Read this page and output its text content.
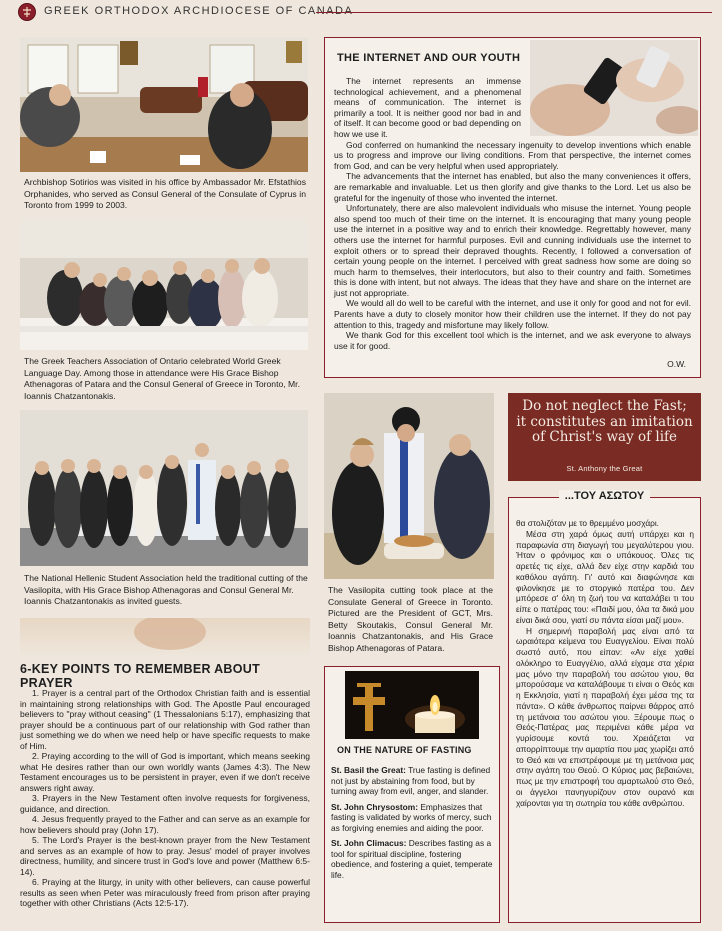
GREEK ORTHODOX ARCHDIOCESE OF CANADA
Archbishop Sotirios was visited in his office by Ambassador Mr. Efstathios Orphanides, who served as Consul General of the Consulate of Cyprus in Toronto from 1999 to 2003.
The Greek Teachers Association of Ontario celebrated World Greek Language Day. Among those in attendance were His Grace Bishop Athenagoras of Patara and the Consul General of Greece in Toronto, Mr. Ioannis Chatzantonakis.
The National Hellenic Student Association held the traditional cutting of the Vasilopita, with His Grace Bishop Athenagoras and Consul General Mr. Ioannis Chatzantonakis as invited guests.
6-KEY POINTS TO REMEMBER ABOUT PRAYER

1. Prayer is a central part of the Orthodox Christian faith and is essential in maintaining strong relationships with God. The Apostle Paul encouraged believers to "pray without ceasing" (1 Thessalonians 5:17), emphasizing that prayer should be a continuous part of our relationship with God rather than just something we do when we need help or have specific requests to make of Him.

2. Praying according to the will of God is important, which means seeking what He desires rather than our own worldly wants (James 4:3). The New Testament encourages us to be persistent in prayer, even if we don't receive answers right away.

3. Prayers in the New Testament often involve requests for forgiveness, guidance, and direction.

4. Jesus frequently prayed to the Father and can serve as an example for how believers should pray (John 17).

5. The Lord's Prayer is the best-known prayer from the New Testament and serves as an example of how to pray. Jesus' model of prayer involves directness, humility, and sincere trust in God's love and power (Matthew 6:5-14).

6. Praying at the liturgy, in unity with other believers, can cause powerful results as seen when Peter was miraculously freed from prison after praying together with other Christians (Acts 12:5-17).

THE INTERNET AND OUR YOUTH

The internet represents an immense technological achievement, and a phenomenal means of communication. The internet is primarily a tool. It is neither good nor bad in and of itself. It can become good or bad depending on how we use it.

God conferred on humankind the necessary ingenuity to develop inventions which enable us to progress and improve our living conditions. From that perspective, the internet comes from God, and can be very helpful when used appropriately.

The advancements that the internet has enabled, but also the many conveniences it offers, are remarkable and invaluable. Let us then glorify and give thanks to the Lord. Let us also be grateful for the ingenuity of those who invented the internet.

Unfortunately, there are also malevolent individuals who misuse the internet. Young people also spend too much of their time on the internet. It is encouraging that many young people use the internet in a positive way and to enrich their knowledge. Regrettably however, many others use the internet for harmful purposes. Evil and cunning individuals use the internet to exploit others or to spread their depraved thoughts. Recently, I followed a conversation of certain young people on the internet. I perceived with great sadness how some are doing so much harm to themselves, their interlocutors, but also to their country and faith. Sometimes this is done with intent, but not always. The ideas that they have and share on the internet are just not appropriate.

We would all do well to be careful with the internet, and use it only for good and not for evil. Parents have a duty to closely monitor how their children use the internet. If they do not pay attention to this, tragedy and misfortune may likely follow.

We thank God for this excellent tool which is the internet, and we ask everyone to always use it for good.

O.W.
The Vasilopita cutting took place at the Consulate General of Greece in Toronto. Pictured are the President of GCT, Mrs. Betty Skoutakis, Consul General Mr. Ioannis Chatzantonakis, and His Grace Bishop Athenagoras of Patara.
ON THE NATURE OF FASTING

St. Basil the Great: True fasting is defined not just by abstaining from food, but by turning away from evil, anger, and slander.

St. John Chrysostom: Emphasizes that fasting is validated by works of mercy, such as forgiving enemies and aiding the poor.

St. John Climacus: Describes fasting as a tool for spiritual discipline, fostering obedience, and fostering a quiet, temperate life.

Do not neglect the Fast; it constitutes an imitation of Christ's way of life
St. Anthony the Great
...ΤΟΥ ΑΣΩΤΟΥ

θα στολιζόταν με το θρεμμένο μοσχάρι.

Μέσα στη χαρά όμως αυτή υπάρχει και η παραφωνία στη διαγωγή του μεγαλύτερου γιου. Ήταν ο φρόνιμος και ο υπάκουος. Όλες τις αρετές τις είχε, αλλά δεν είχε στην καρδιά του καθόλου αγάπη. Γι' αυτό και διαφώνησε και φιλονίκησε με το στοργικό πατέρα του. Δεν μπόρεσε σ' όλη τη ζωή του να καταλάβει τι του είπε ο πατέρας του: «Παιδί μου, όλα τα δικά μου είναι δικά σου, γιατί συ πάντα είσαι μαζί μου».

Η σημερινή παραβολή μας είναι από τα ωραιότερα κείμενα του Ευαγγελίου. Είναι πολύ σωστό αυτό, που είπαν: «Αν είχε χαθεί ολόκληρο το Ευαγγέλιο, αλλά είχαμε στα χέρια μας μόνο την παραβολή του ασώτου γιου, θα μπορούσαμε να καταλάβουμε τι είναι ο Θεός και η Εκκλησία, γιατί η παραβολή έχει μέσα της τα πάντα». Ο κάθε άνθρωπος παίρνει θάρρος από τη μετάνοια του ασώτου γιου. Ξέρουμε πως ο Θεός-Πατέρας μας περιμένει κάθε μέρα να γυρίσουμε κοντά του. Χρειάζεται να απορρίπτουμε την αμαρτία που μας χωρίζει από το Θεό και να επιστρέφουμε με τη μετάνοια μας στην αγάπη του Θεού. Ο Κύριος μας βεβαιώνει, πως με την επιστροφή του αμαρτωλού στο Θεό, οι άγγελοι πανηγυρίζουν στον ουρανό και χαίρονται για τη σωτηρία του κάθε ανθρώπου.
